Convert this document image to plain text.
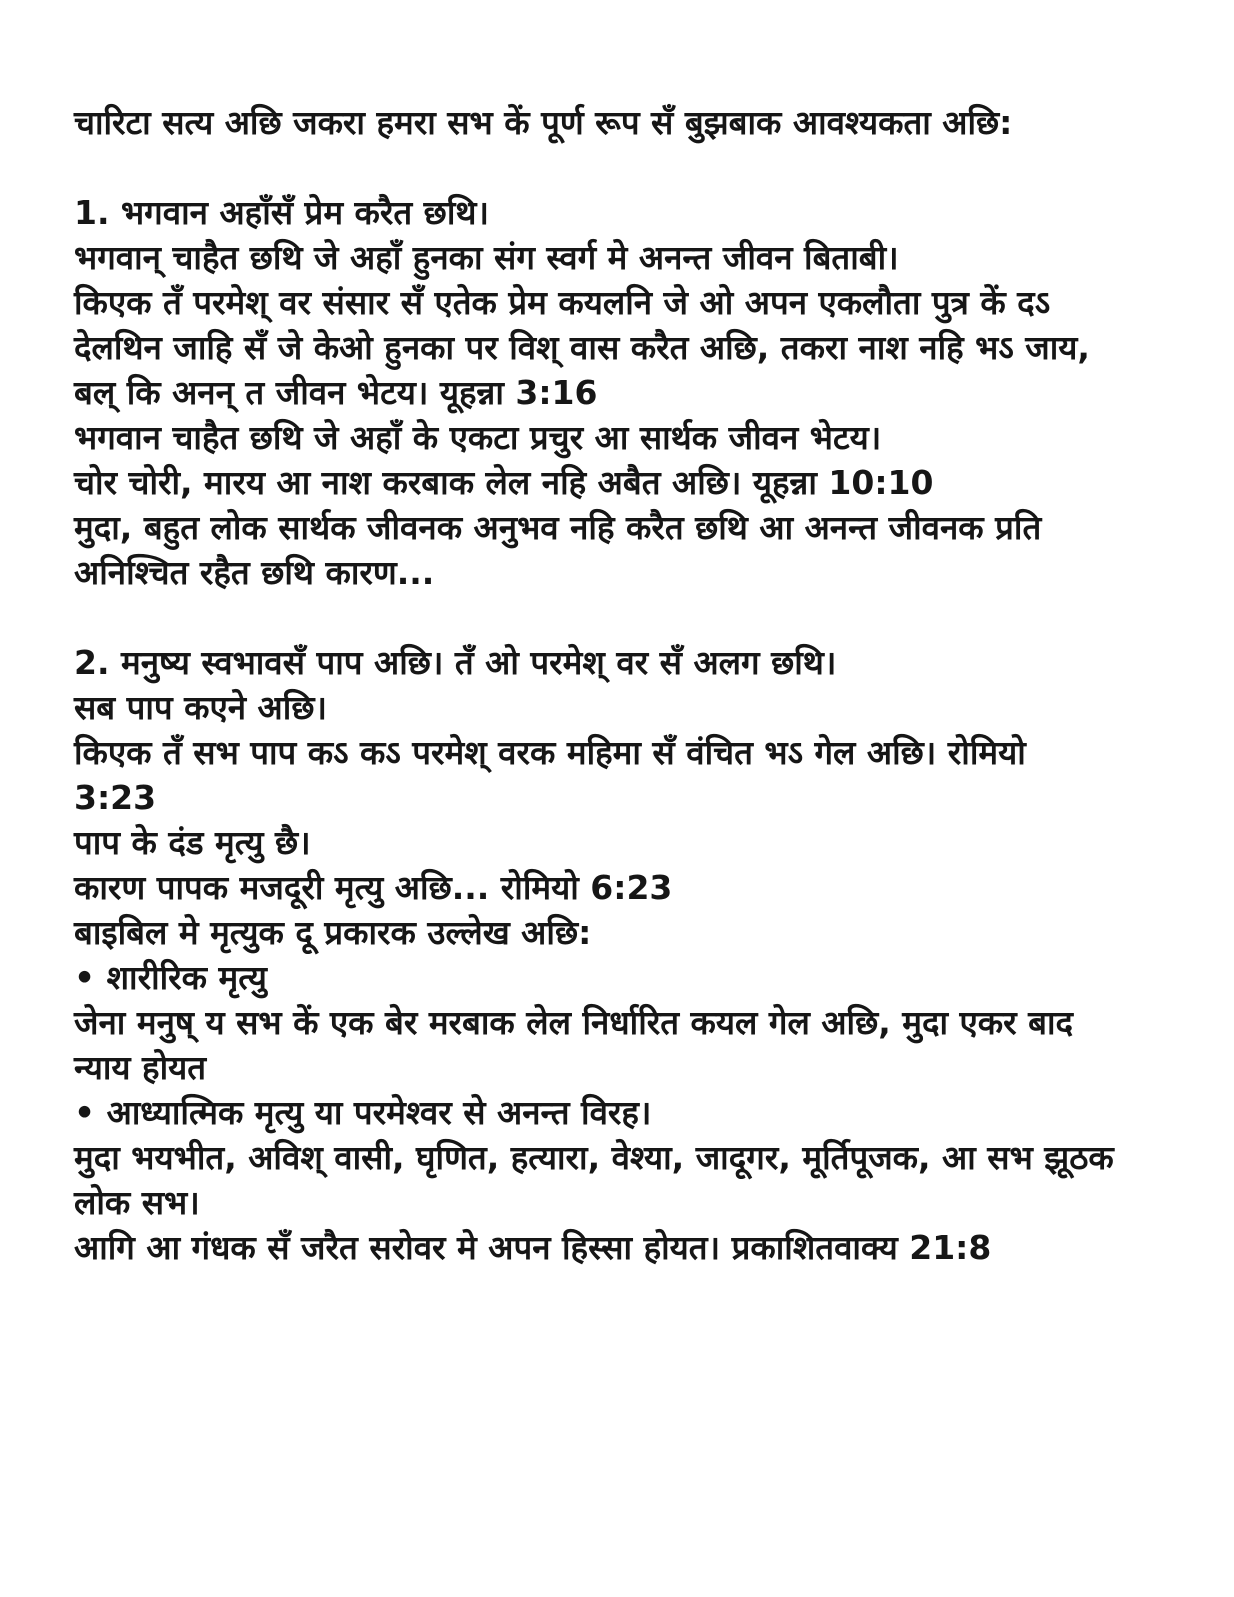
चारिटा सत्य अछि जकरा हमरा सभ कें पूर्ण रूप सँ बुझबाक आवश्यकता अछि:
1. भगवान अहाँसँ प्रेम करैत छथि।
भगवान् चाहैत छथि जे अहाँ हुनका संग स्वर्ग मे अनन्त जीवन बिताबी।
किएक तँ परमेश् वर संसार सँ एतेक प्रेम कयलनि जे ओ अपन एकलौता पुत्र कें दऽ
देलथिन जाहि सँ जे केओ हुनका पर विश् वास करैत अछि, तकरा नाश नहि भऽ जाय,
बल् कि अनन् त जीवन भेटय। यूहन्ना 3:16
भगवान चाहैत छथि जे अहाँ के एकटा प्रचुर आ सार्थक जीवन भेटय।
चोर चोरी, मारय आ नाश करबाक लेल नहि अबैत अछि। यूहन्ना 10:10
मुदा, बहुत लोक सार्थक जीवनक अनुभव नहि करैत छथि आ अनन्त जीवनक प्रति
अनिश्चित रहैत छथि कारण...
2. मनुष्य स्वभावसँ पाप अछि। तँ ओ परमेश् वर सँ अलग छथि।
सब पाप कएने अछि।
किएक तँ सभ पाप कऽ कऽ परमेश् वरक महिमा सँ वंचित भऽ गेल अछि। रोमियो
3:23
पाप के दंड मृत्यु छै।
कारण पापक मजदूरी मृत्यु अछि... रोमियो 6:23
बाइबिल मे मृत्युक दू प्रकारक उल्लेख अछि:
• शारीरिक मृत्यु
जेना मनुष् य सभ कें एक बेर मरबाक लेल निर्धारित कयल गेल अछि, मुदा एकर बाद
न्याय होयत
• आध्यात्मिक मृत्यु या परमेश्वर से अनन्त विरह।
मुदा भयभीत, अविश् वासी, घृणित, हत्यारा, वेश्या, जादूगर, मूर्तिपूजक, आ सभ झूठक
लोक सभ।
आगि आ गंधक सँ जरैत सरोवर मे अपन हिस्सा होयत। प्रकाशितवाक्य 21:8
